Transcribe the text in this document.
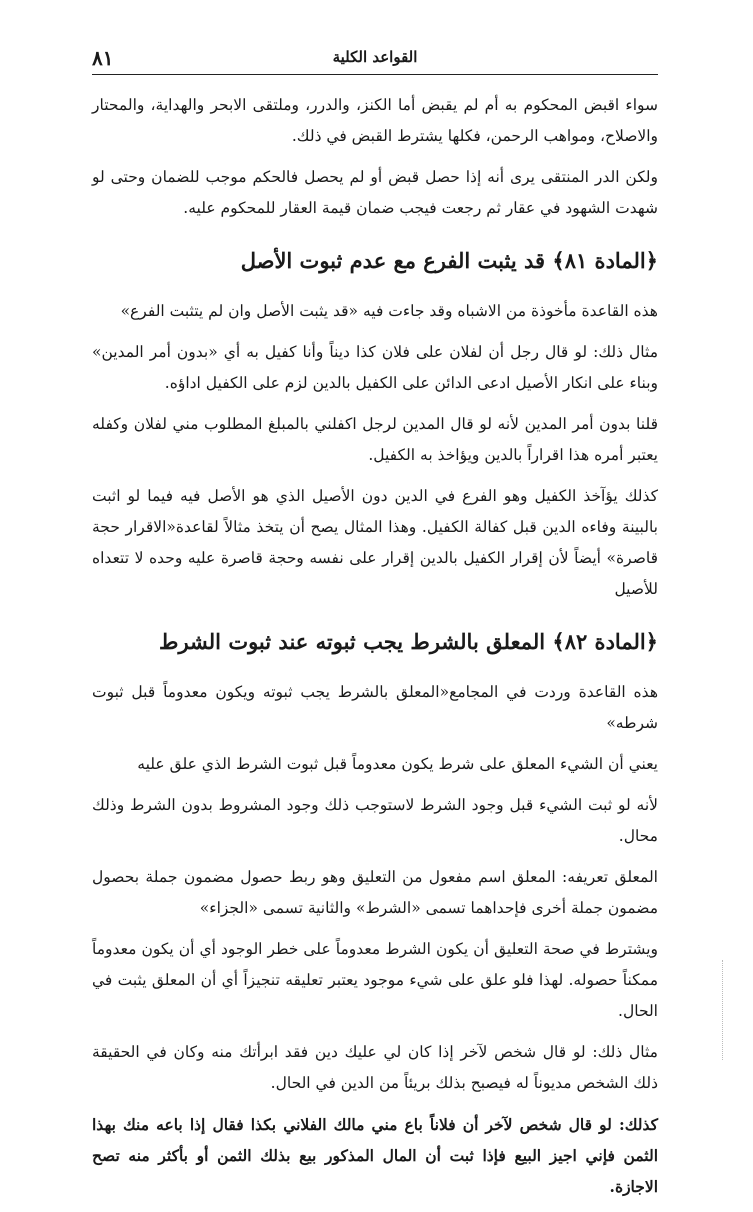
٨١	القواعد الكلية

سواء اقبض المحكوم به أم لم يقبض أما الكنز، والدرر، وملتقى الابحر والهداية، والمحتار والاصلاح، ومواهب الرحمن، فكلها يشترط القبض في ذلك.

ولكن الدر المنتقى يرى أنه إذا حصل قبض أو لم يحصل فالحكم موجب للضمان وحتى لو شهدت الشهود في عقار ثم رجعت فيجب ضمان قيمة العقار للمحكوم عليه.

﴿المادة ٨١﴾ قد يثبت الفرع مع عدم ثبوت الأصل

هذه القاعدة مأخوذة من الاشباه وقد جاءت فيه «قد يثبت الأصل وان لم يتثبت الفرع»

مثال ذلك: لو قال رجل أن لفلان على فلان كذا ديناً وأنا كفيل به أي «بدون أمر المدين» وبناء على انكار الأصيل ادعى الدائن على الكفيل بالدين لزم على الكفيل اداؤه.

قلنا بدون أمر المدين لأنه لو قال المدين لرجل اكفلني بالمبلغ المطلوب مني لفلان وكفله يعتبر أمره هذا اقراراً بالدين ويؤاخذ به الكفيل.

كذلك يؤآخذ الكفيل وهو الفرع في الدين دون الأصيل الذي هو الأصل فيه فيما لو اثبت بالبينة وفاءه الدين قبل كفالة الكفيل. وهذا المثال يصح أن يتخذ مثالاً لقاعدة«الاقرار حجة قاصرة» أيضاً لأن إقرار الكفيل بالدين إقرار على نفسه وحجة قاصرة عليه وحده لا تتعداه للأصيل

﴿المادة ٨٢﴾ المعلق بالشرط يجب ثبوته عند ثبوت الشرط

هذه القاعدة وردت في المجامع«المعلق بالشرط يجب ثبوته ويكون معدوماً قبل ثبوت شرطه»

يعني أن الشيء المعلق على شرط يكون معدوماً قبل ثبوت الشرط الذي علق عليه

لأنه لو ثبت الشيء قبل وجود الشرط لاستوجب ذلك وجود المشروط بدون الشرط وذلك محال.

المعلق تعريفه: المعلق اسم مفعول من التعليق وهو ربط حصول مضمون جملة بحصول مضمون جملة أخرى فإحداهما تسمى «الشرط» والثانية تسمى «الجزاء»

ويشترط في صحة التعليق أن يكون الشرط معدوماً على خطر الوجود أي أن يكون معدوماً ممكناً حصوله. لهذا فلو علق على شيء موجود يعتبر تعليقه تنجيزاً أي أن المعلق يثبت في الحال.

مثال ذلك: لو قال شخص لآخر إذا كان لي عليك دين فقد ابرأتك منه وكان في الحقيقة ذلك الشخص مديوناً له فيصبح بذلك بريئاً من الدين في الحال.

كذلك: لو قال شخص لآخر أن فلاناً باع مني مالك الفلاني بكذا فقال إذا باعه منك بهذا الثمن فإني اجيز البيع فإذا ثبت أن المال المذكور بيع بذلك الثمن أو بأكثر منه تصح الاجازة.
